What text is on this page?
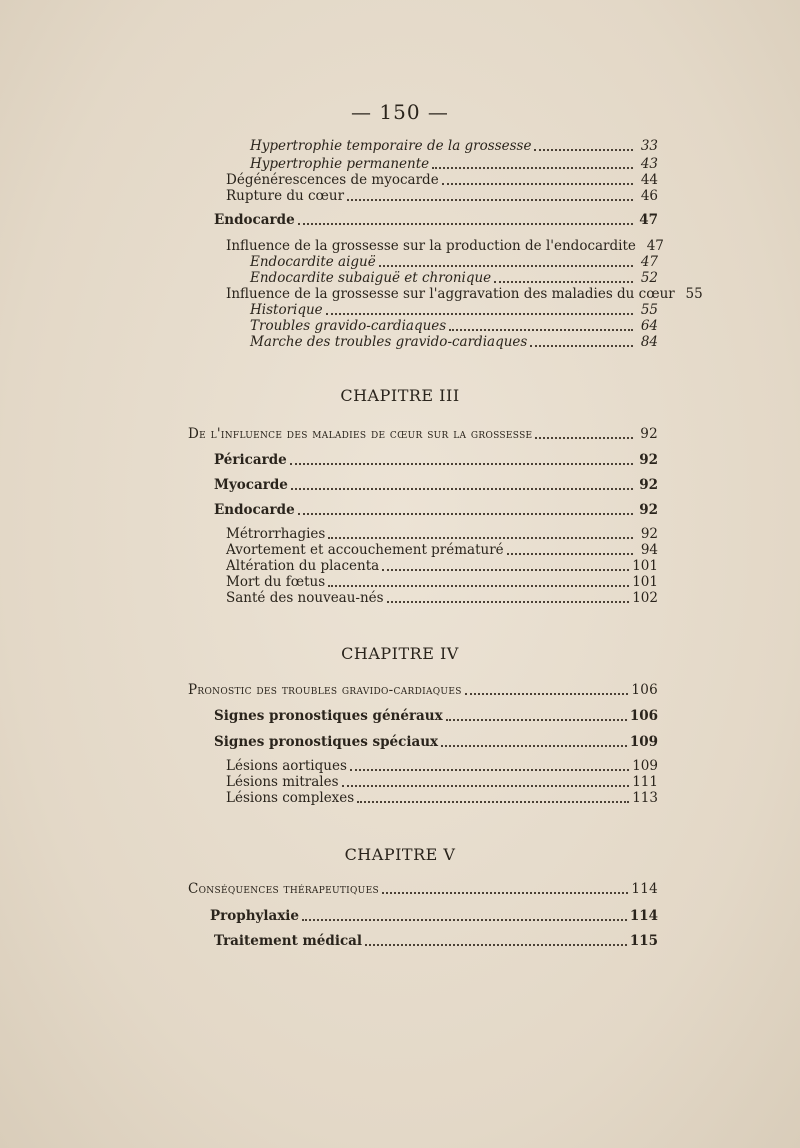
— 150 —
Hypertrophie temporaire de la grossesse	33
Hypertrophie permanente	43
Dégénérescences de myocarde	44
Rupture du cœur	46
Endocarde	47
Influence de la grossesse sur la production de l'endocardite 47
Endocardite aiguë	47
Endocardite subaiguë et chronique	52
Influence de la grossesse sur l'aggravation des maladies du cœur 55
Historique	55
Troubles gravido-cardiaques	64
Marche des troubles gravido-cardiaques	84
CHAPITRE III
De l'influence des maladies de cœur sur la grossesse	92
Péricarde	92
Myocarde	92
Endocarde	92
Métrorrhagies	92
Avortement et accouchement prématuré	94
Altération du placenta	101
Mort du fœtus	101
Santé des nouveau-nés	102
CHAPITRE IV
Pronostic des troubles gravido-cardiaques	106
Signes pronostiques généraux	106
Signes pronostiques spéciaux	109
Lésions aortiques	109
Lésions mitrales	111
Lésions complexes	113
CHAPITRE V
Conséquences thérapeutiques	114
Prophylaxie	114
Traitement médical	115
